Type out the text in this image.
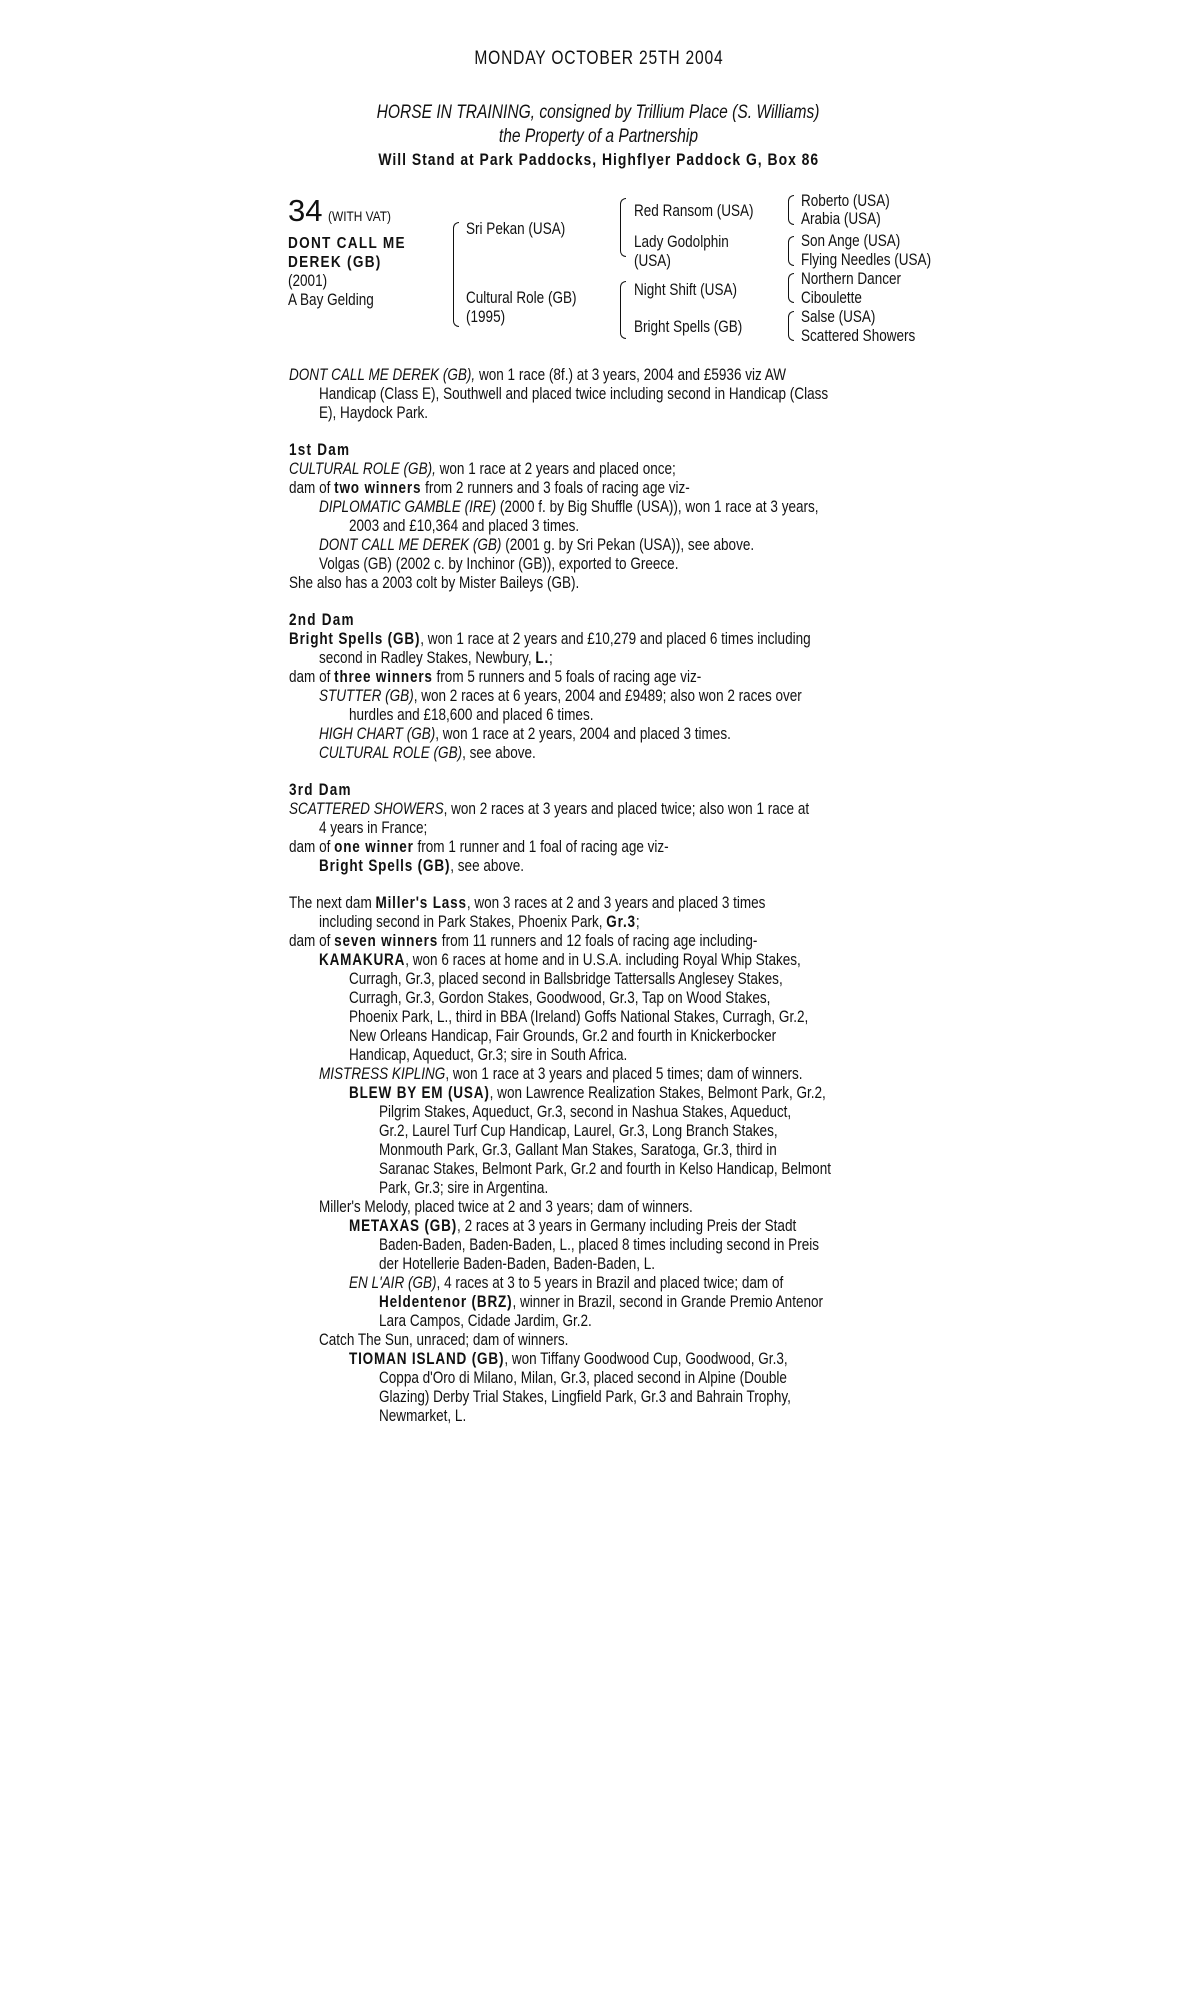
MONDAY OCTOBER 25TH 2004
HORSE IN TRAINING, consigned by Trillium Place (S. Williams)
the Property of a Partnership
Will Stand at Park Paddocks, Highflyer Paddock G, Box 86
34 (WITH VAT)
DONT CALL ME
DEREK (GB)
(2001)
A Bay Gelding
Sri Pekan (USA)
Cultural Role (GB)
(1995)
Red Ransom (USA)
Lady Godolphin
(USA)
Night Shift (USA)
Bright Spells (GB)
Roberto (USA)
Arabia (USA)
Son Ange (USA)
Flying Needles (USA)
Northern Dancer
Ciboulette
Salse (USA)
Scattered Showers
DONT CALL ME DEREK (GB), won 1 race (8f.) at 3 years, 2004 and £5936 viz AW
Handicap (Class E), Southwell and placed twice including second in Handicap (Class
E), Haydock Park.
1st Dam
CULTURAL ROLE (GB), won 1 race at 2 years and placed once;
dam of two winners from 2 runners and 3 foals of racing age viz-
DIPLOMATIC GAMBLE (IRE) (2000 f. by Big Shuffle (USA)), won 1 race at 3 years,
2003 and £10,364 and placed 3 times.
DONT CALL ME DEREK (GB) (2001 g. by Sri Pekan (USA)), see above.
Volgas (GB) (2002 c. by Inchinor (GB)), exported to Greece.
She also has a 2003 colt by Mister Baileys (GB).
2nd Dam
Bright Spells (GB), won 1 race at 2 years and £10,279 and placed 6 times including
second in Radley Stakes, Newbury, L.;
dam of three winners from 5 runners and 5 foals of racing age viz-
STUTTER (GB), won 2 races at 6 years, 2004 and £9489; also won 2 races over
hurdles and £18,600 and placed 6 times.
HIGH CHART (GB), won 1 race at 2 years, 2004 and placed 3 times.
CULTURAL ROLE (GB), see above.
3rd Dam
SCATTERED SHOWERS, won 2 races at 3 years and placed twice; also won 1 race at
4 years in France;
dam of one winner from 1 runner and 1 foal of racing age viz-
Bright Spells (GB), see above.
The next dam Miller's Lass, won 3 races at 2 and 3 years and placed 3 times
including second in Park Stakes, Phoenix Park, Gr.3;
dam of seven winners from 11 runners and 12 foals of racing age including-
KAMAKURA, won 6 races at home and in U.S.A. including Royal Whip Stakes,
Curragh, Gr.3, placed second in Ballsbridge Tattersalls Anglesey Stakes,
Curragh, Gr.3, Gordon Stakes, Goodwood, Gr.3, Tap on Wood Stakes,
Phoenix Park, L., third in BBA (Ireland) Goffs National Stakes, Curragh, Gr.2,
New Orleans Handicap, Fair Grounds, Gr.2 and fourth in Knickerbocker
Handicap, Aqueduct, Gr.3; sire in South Africa.
MISTRESS KIPLING, won 1 race at 3 years and placed 5 times; dam of winners.
BLEW BY EM (USA), won Lawrence Realization Stakes, Belmont Park, Gr.2,
Pilgrim Stakes, Aqueduct, Gr.3, second in Nashua Stakes, Aqueduct,
Gr.2, Laurel Turf Cup Handicap, Laurel, Gr.3, Long Branch Stakes,
Monmouth Park, Gr.3, Gallant Man Stakes, Saratoga, Gr.3, third in
Saranac Stakes, Belmont Park, Gr.2 and fourth in Kelso Handicap, Belmont
Park, Gr.3; sire in Argentina.
Miller's Melody, placed twice at 2 and 3 years; dam of winners.
METAXAS (GB), 2 races at 3 years in Germany including Preis der Stadt
Baden-Baden, Baden-Baden, L., placed 8 times including second in Preis
der Hotellerie Baden-Baden, Baden-Baden, L.
EN L'AIR (GB), 4 races at 3 to 5 years in Brazil and placed twice; dam of
Heldentenor (BRZ), winner in Brazil, second in Grande Premio Antenor
Lara Campos, Cidade Jardim, Gr.2.
Catch The Sun, unraced; dam of winners.
TIOMAN ISLAND (GB), won Tiffany Goodwood Cup, Goodwood, Gr.3,
Coppa d'Oro di Milano, Milan, Gr.3, placed second in Alpine (Double
Glazing) Derby Trial Stakes, Lingfield Park, Gr.3 and Bahrain Trophy,
Newmarket, L.
